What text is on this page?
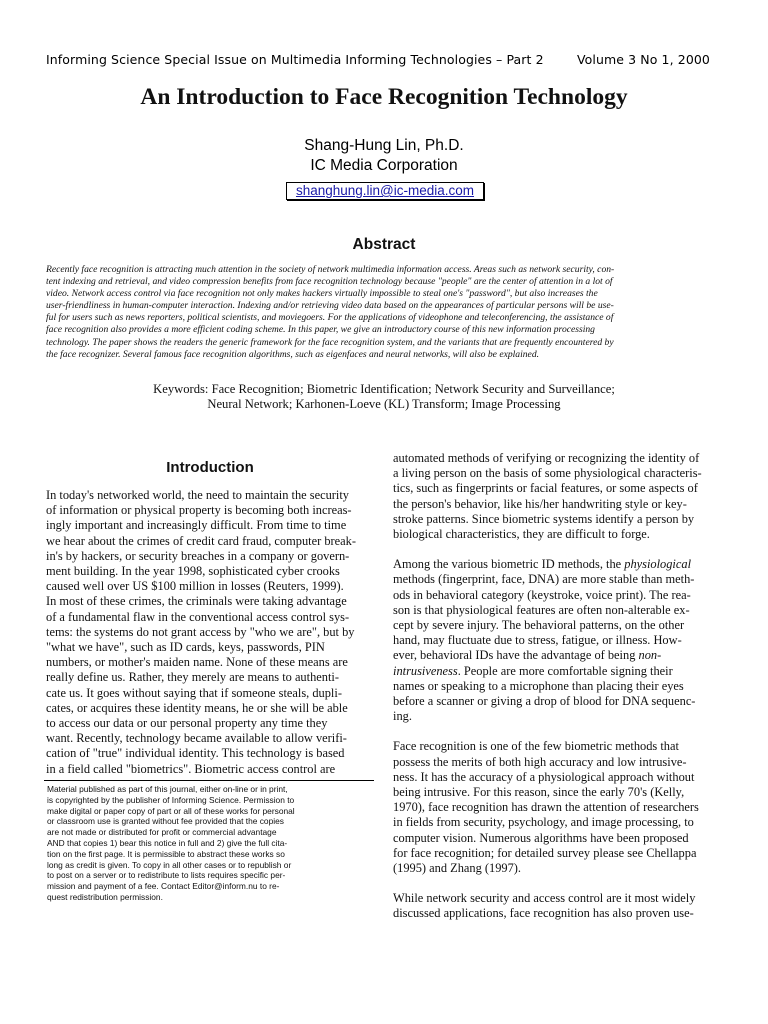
Informing Science Special Issue on Multimedia Informing Technologies – Part 2	Volume 3 No 1, 2000
An Introduction to Face Recognition Technology
Shang-Hung Lin, Ph.D.
IC Media Corporation
shanghung.lin@ic-media.com
Abstract
Recently face recognition is attracting much attention in the society of network multimedia information access. Areas such as network security, con-
tent indexing and retrieval, and video compression benefits from face recognition technology because "people" are the center of attention in a lot of
video. Network access control via face recognition not only makes hackers virtually impossible to steal one's "password", but also increases the
user-friendliness in human-computer interaction. Indexing and/or retrieving video data based on the appearances of particular persons will be use-
ful for users such as news reporters, political scientists, and moviegoers. For the applications of videophone and teleconferencing, the assistance of
face recognition also provides a more efficient coding scheme. In this paper, we give an introductory course of this new information processing
technology. The paper shows the readers the generic framework for the face recognition system, and the variants that are frequently encountered by
the face recognizer. Several famous face recognition algorithms, such as eigenfaces and neural networks, will also be explained.
Keywords: Face Recognition; Biometric Identification; Network Security and Surveillance;
Neural Network; Karhonen-Loeve (KL) Transform; Image Processing
Introduction
In today's networked world, the need to maintain the security
of information or physical property is becoming both increas-
ingly important and increasingly difficult. From time to time
we hear about the crimes of credit card fraud, computer break-
in's by hackers, or security breaches in a company or govern-
ment building. In the year 1998, sophisticated cyber crooks
caused well over US $100 million in losses (Reuters, 1999).
In most of these crimes, the criminals were taking advantage
of a fundamental flaw in the conventional access control sys-
tems: the systems do not grant access by "who we are", but by
"what we have", such as ID cards, keys, passwords, PIN
numbers, or mother's maiden name. None of these means are
really define us. Rather, they merely are means to authenti-
cate us. It goes without saying that if someone steals, dupli-
cates, or acquires these identity means, he or she will be able
to access our data or our personal property any time they
want. Recently, technology became available to allow verifi-
cation of "true" individual identity. This technology is based
in a field called "biometrics". Biometric access control are
Material published as part of this journal, either on-line or in print,
is copyrighted by the publisher of Informing Science. Permission to
make digital or paper copy of part or all of these works for personal
or classroom use is granted without fee provided that the copies
are not made or distributed for profit or commercial advantage
AND that copies 1) bear this notice in full and 2) give the full cita-
tion on the first page. It is permissible to abstract these works so
long as credit is given. To copy in all other cases or to republish or
to post on a server or to redistribute to lists requires specific per-
mission and payment of a fee. Contact Editor@inform.nu to re-
quest redistribution permission.
automated methods of verifying or recognizing the identity of
a living person on the basis of some physiological characteris-
tics, such as fingerprints or facial features, or some aspects of
the person's behavior, like his/her handwriting style or key-
stroke patterns. Since biometric systems identify a person by
biological characteristics, they are difficult to forge.
Among the various biometric ID methods, the physiological
methods (fingerprint, face, DNA) are more stable than meth-
ods in behavioral category (keystroke, voice print). The rea-
son is that physiological features are often non-alterable ex-
cept by severe injury. The behavioral patterns, on the other
hand, may fluctuate due to stress, fatigue, or illness. How-
ever, behavioral IDs have the advantage of being non-
intrusiveness. People are more comfortable signing their
names or speaking to a microphone than placing their eyes
before a scanner or giving a drop of blood for DNA sequenc-
ing.
Face recognition is one of the few biometric methods that
possess the merits of both high accuracy and low intrusive-
ness. It has the accuracy of a physiological approach without
being intrusive. For this reason, since the early 70's (Kelly,
1970), face recognition has drawn the attention of researchers
in fields from security, psychology, and image processing, to
computer vision. Numerous algorithms have been proposed
for face recognition; for detailed survey please see Chellappa
(1995) and Zhang (1997).
While network security and access control are it most widely
discussed applications, face recognition has also proven use-
